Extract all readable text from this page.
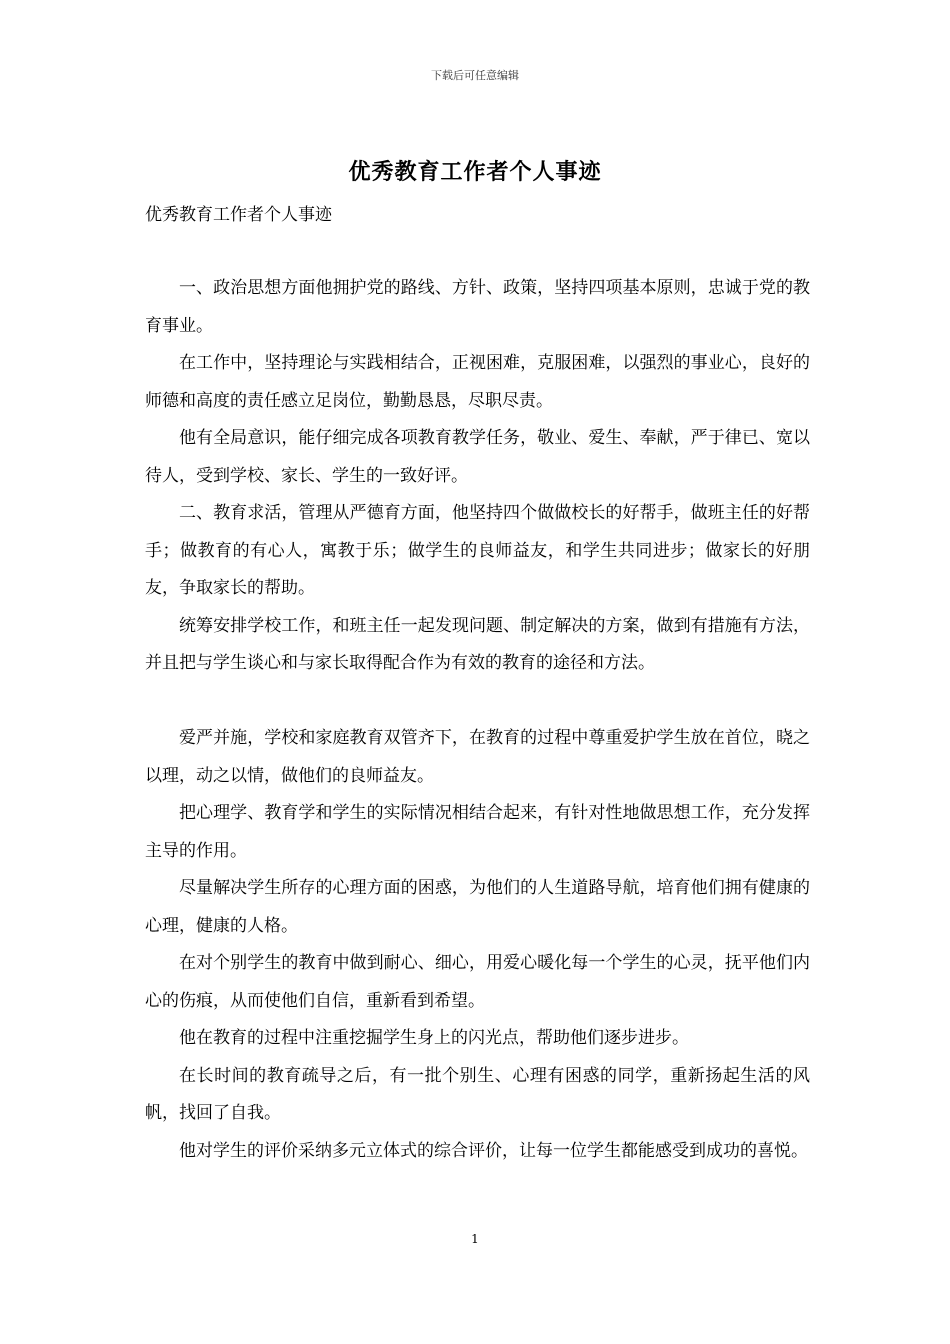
下载后可任意编辑
优秀教育工作者个人事迹
优秀教育工作者个人事迹

一、政治思想方面他拥护党的路线、方针、政策，坚持四项基本原则，忠诚于党的教育事业。

在工作中，坚持理论与实践相结合，正视困难，克服困难，以强烈的事业心，良好的师德和高度的责任感立足岗位，勤勤恳恳，尽职尽责。

他有全局意识，能仔细完成各项教育教学任务，敬业、爱生、奉献，严于律已、宽以待人，受到学校、家长、学生的一致好评。

二、教育求活，管理从严德育方面，他坚持四个做做校长的好帮手，做班主任的好帮手；做教育的有心人，寓教于乐；做学生的良师益友，和学生共同进步；做家长的好朋友，争取家长的帮助。

统筹安排学校工作，和班主任一起发现问题、制定解决的方案，做到有措施有方法，并且把与学生谈心和与家长取得配合作为有效的教育的途径和方法。

爱严并施，学校和家庭教育双管齐下，在教育的过程中尊重爱护学生放在首位，晓之以理，动之以情，做他们的良师益友。

把心理学、教育学和学生的实际情况相结合起来，有针对性地做思想工作，充分发挥主导的作用。

尽量解决学生所存的心理方面的困惑，为他们的人生道路导航，培育他们拥有健康的心理，健康的人格。

在对个别学生的教育中做到耐心、细心，用爱心暖化每一个学生的心灵，抚平他们内心的伤痕，从而使他们自信，重新看到希望。

他在教育的过程中注重挖掘学生身上的闪光点，帮助他们逐步进步。

在长时间的教育疏导之后，有一批个别生、心理有困惑的同学，重新扬起生活的风帆，找回了自我。

他对学生的评价采纳多元立体式的综合评价，让每一位学生都能感受到成功的喜悦。

1
